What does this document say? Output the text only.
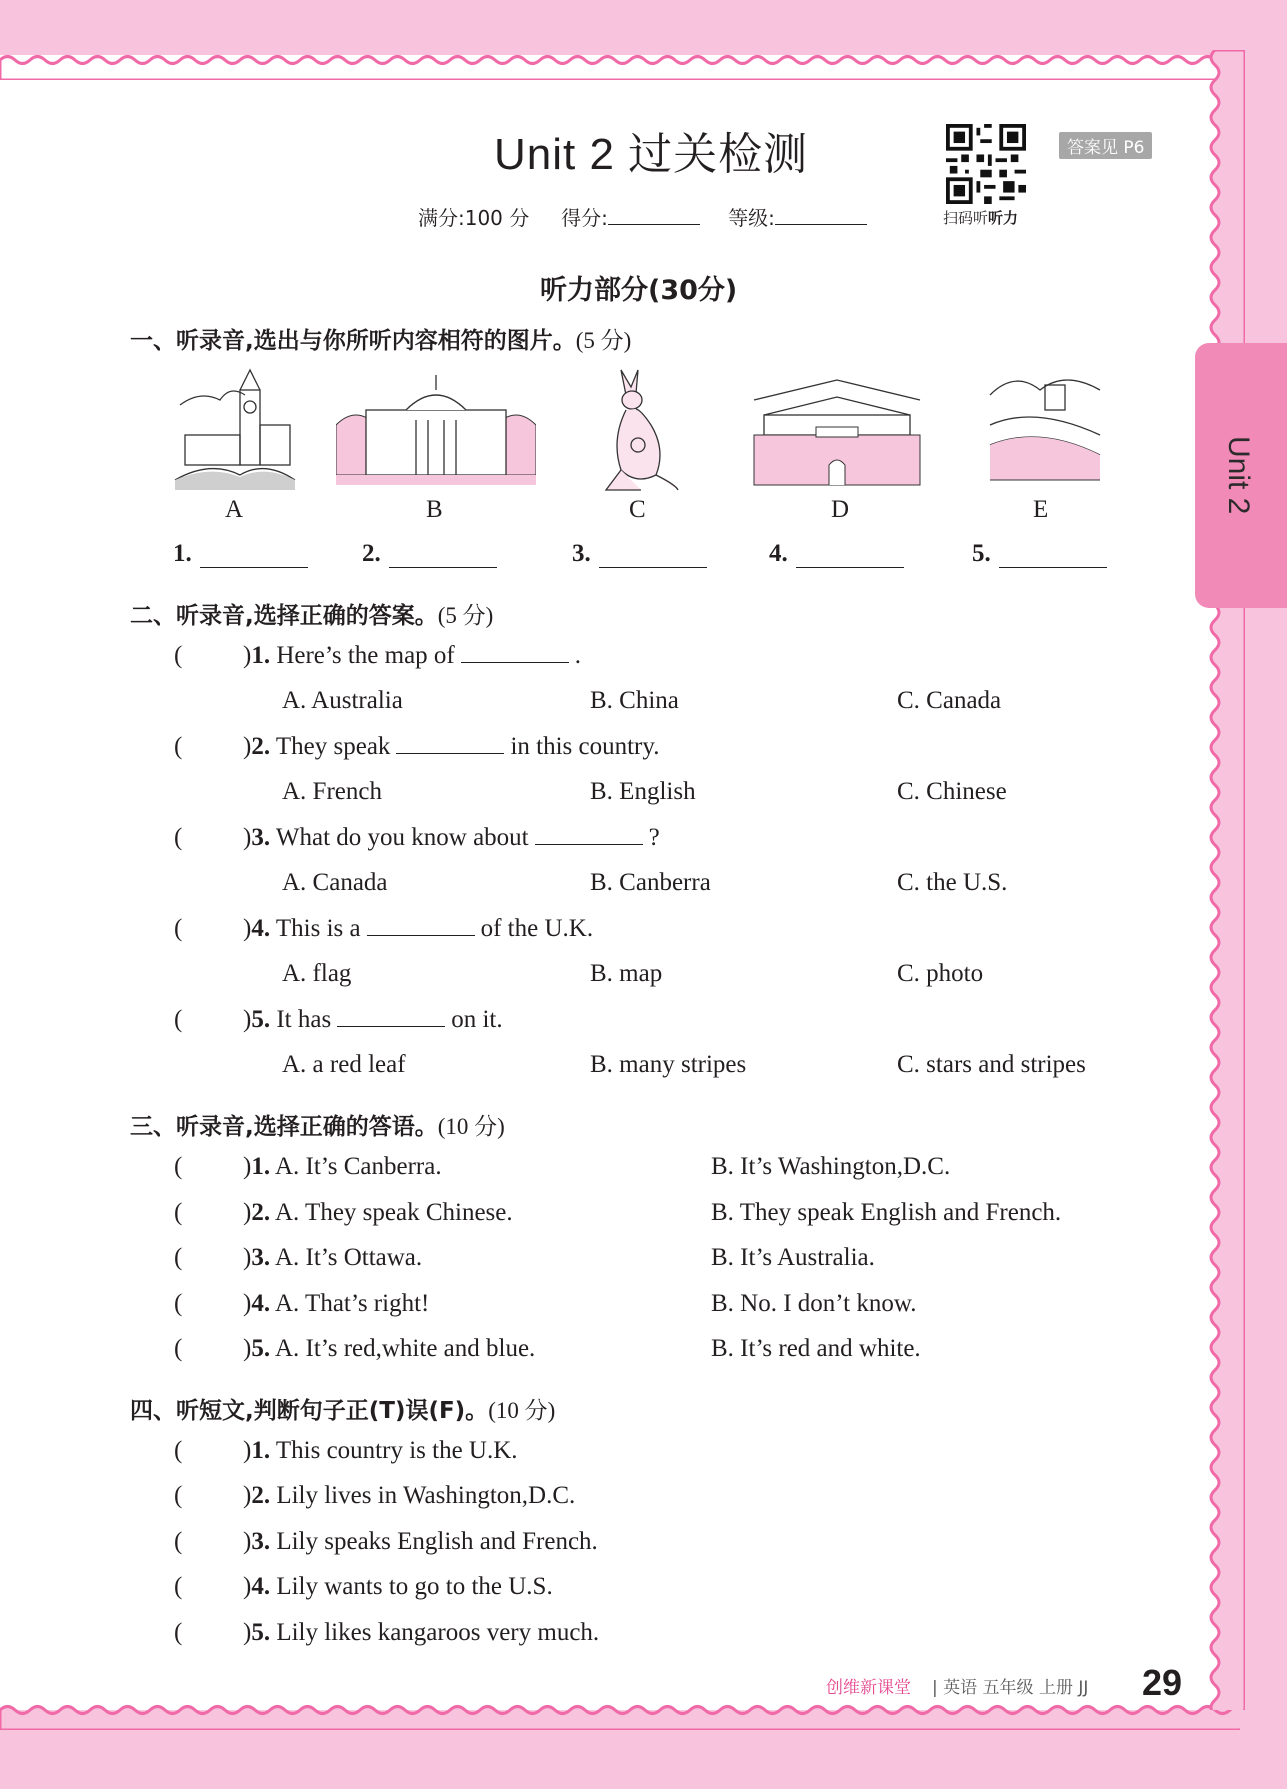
Unit 2
Unit 2 过关检测
扫码听听力
答案见 P6
满分:100 分 得分:	等级:
听力部分(30分)
一、听录音,选出与你所听内容相符的图片。(5 分)
A	B	C	D	E
1.	2.	3.	4.	5.
二、听录音,选择正确的答案。(5 分)
( )1. Here’s the map of	.
A. Australia	B. China	C. Canada
( )2. They speak	in this country.
A. French	B. English	C. Chinese
( )3. What do you know about	?
A. Canada	B. Canberra	C. the U.S.
( )4. This is a	of the U.K.
A. flag	B. map	C. photo
( )5. It has	on it.
A. a red leaf	B. many stripes	C. stars and stripes
三、听录音,选择正确的答语。(10 分)
( )1. A. It’s Canberra.	B. It’s Washington,D.C.
( )2. A. They speak Chinese.	B. They speak English and French.
( )3. A. It’s Ottawa.	B. It’s Australia.
( )4. A. That’s right!	B. No. I don’t know.
( )5. A. It’s red,white and blue.	B. It’s red and white.
四、听短文,判断句子正(T)误(F)。(10 分)
( )1. This country is the U.K.
( )2. Lily lives in Washington,D.C.
( )3. Lily speaks English and French.
( )4. Lily wants to go to the U.S.
( )5. Lily likes kangaroos very much.
创维新课堂 | 英语 五年级 上册 JJ 29
